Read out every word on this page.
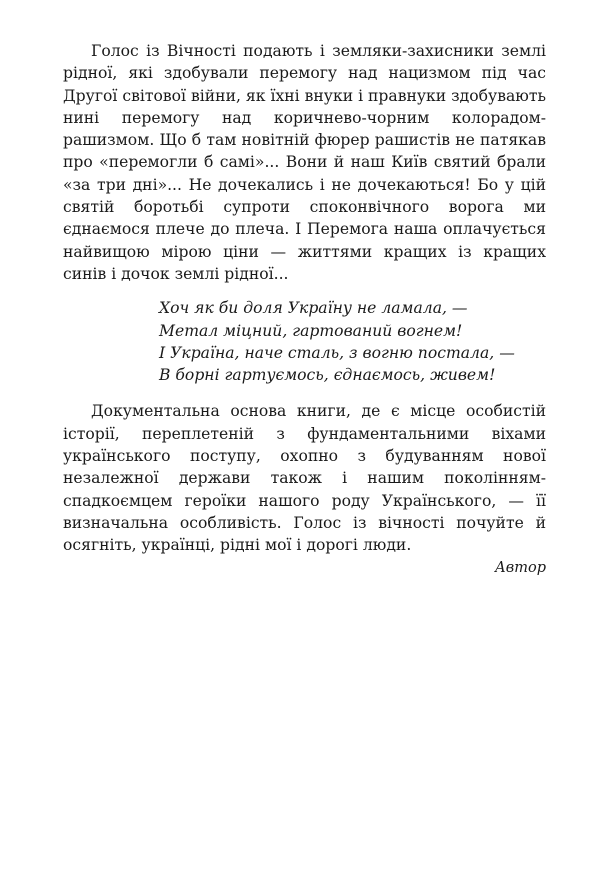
Голос із Вічності подають і земляки-захисники землі рідної, які здобували перемогу над нацизмом під час Другої світової війни, як їхні внуки і правнуки здобувають нині перемогу над коричнево-чорним колорадом-рашизмом. Що б там новітній фюрер рашистів не патякав про «перемогли б самі»... Вони й наш Київ святий брали «за три дні»... Не дочекались і не дочекаються! Бо у цій святій боротьбі супроти споконвічного ворога ми єднаємося плече до плеча. І Перемога наша оплачується найвищою мірою ціни — життями кращих із кращих синів і дочок землі рідної...

Хоч як би доля Україну не ламала, —
Метал міцний, гартований вогнем!
І Україна, наче сталь, з вогню постала, —
В борні гартуємось, єднаємось, живем!

Документальна основа книги, де є місце особистій історії, переплетеній з фундаментальними віхами українського поступу, охопно з будуванням нової незалежної держави також і нашим поколінням-спадкоємцем героїки нашого роду Українського, — її визначальна особливість. Голос із вічності почуйте й осягніть, українці, рідні мої і дорогі люди.

Автор
